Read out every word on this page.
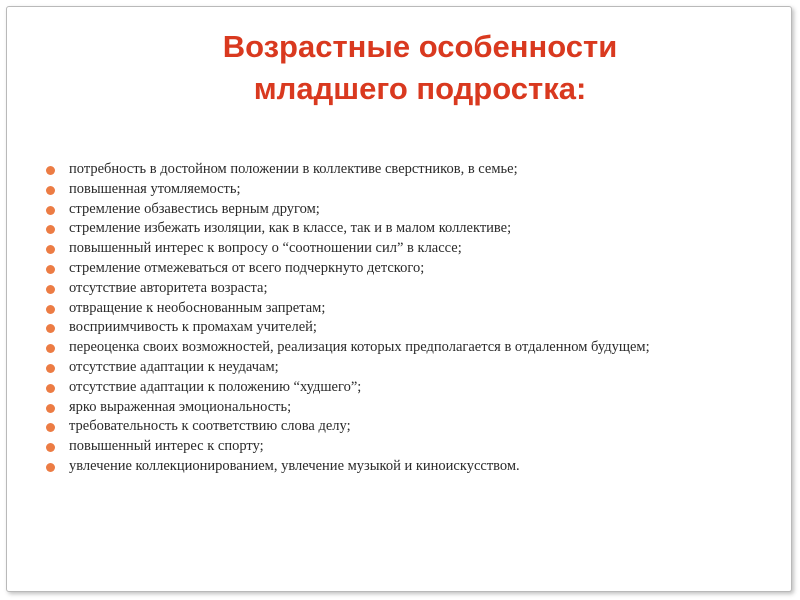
Возрастные особенности
младшего подростка:
потребность в достойном положении в коллективе сверстников, в семье;
повышенная утомляемость;
стремление обзавестись верным другом;
стремление избежать изоляции, как в классе, так и в малом коллективе;
повышенный интерес к вопросу о “соотношении сил” в классе;
стремление отмежеваться от всего подчеркнуто детского;
отсутствие авторитета возраста;
отвращение к необоснованным запретам;
восприимчивость к промахам учителей;
переоценка своих возможностей, реализация которых предполагается в отдаленном будущем;
отсутствие адаптации к неудачам;
отсутствие адаптации к положению “худшего”;
ярко выраженная эмоциональность;
требовательность к соответствию слова делу;
повышенный интерес к спорту;
увлечение коллекционированием, увлечение музыкой и киноискусством.
